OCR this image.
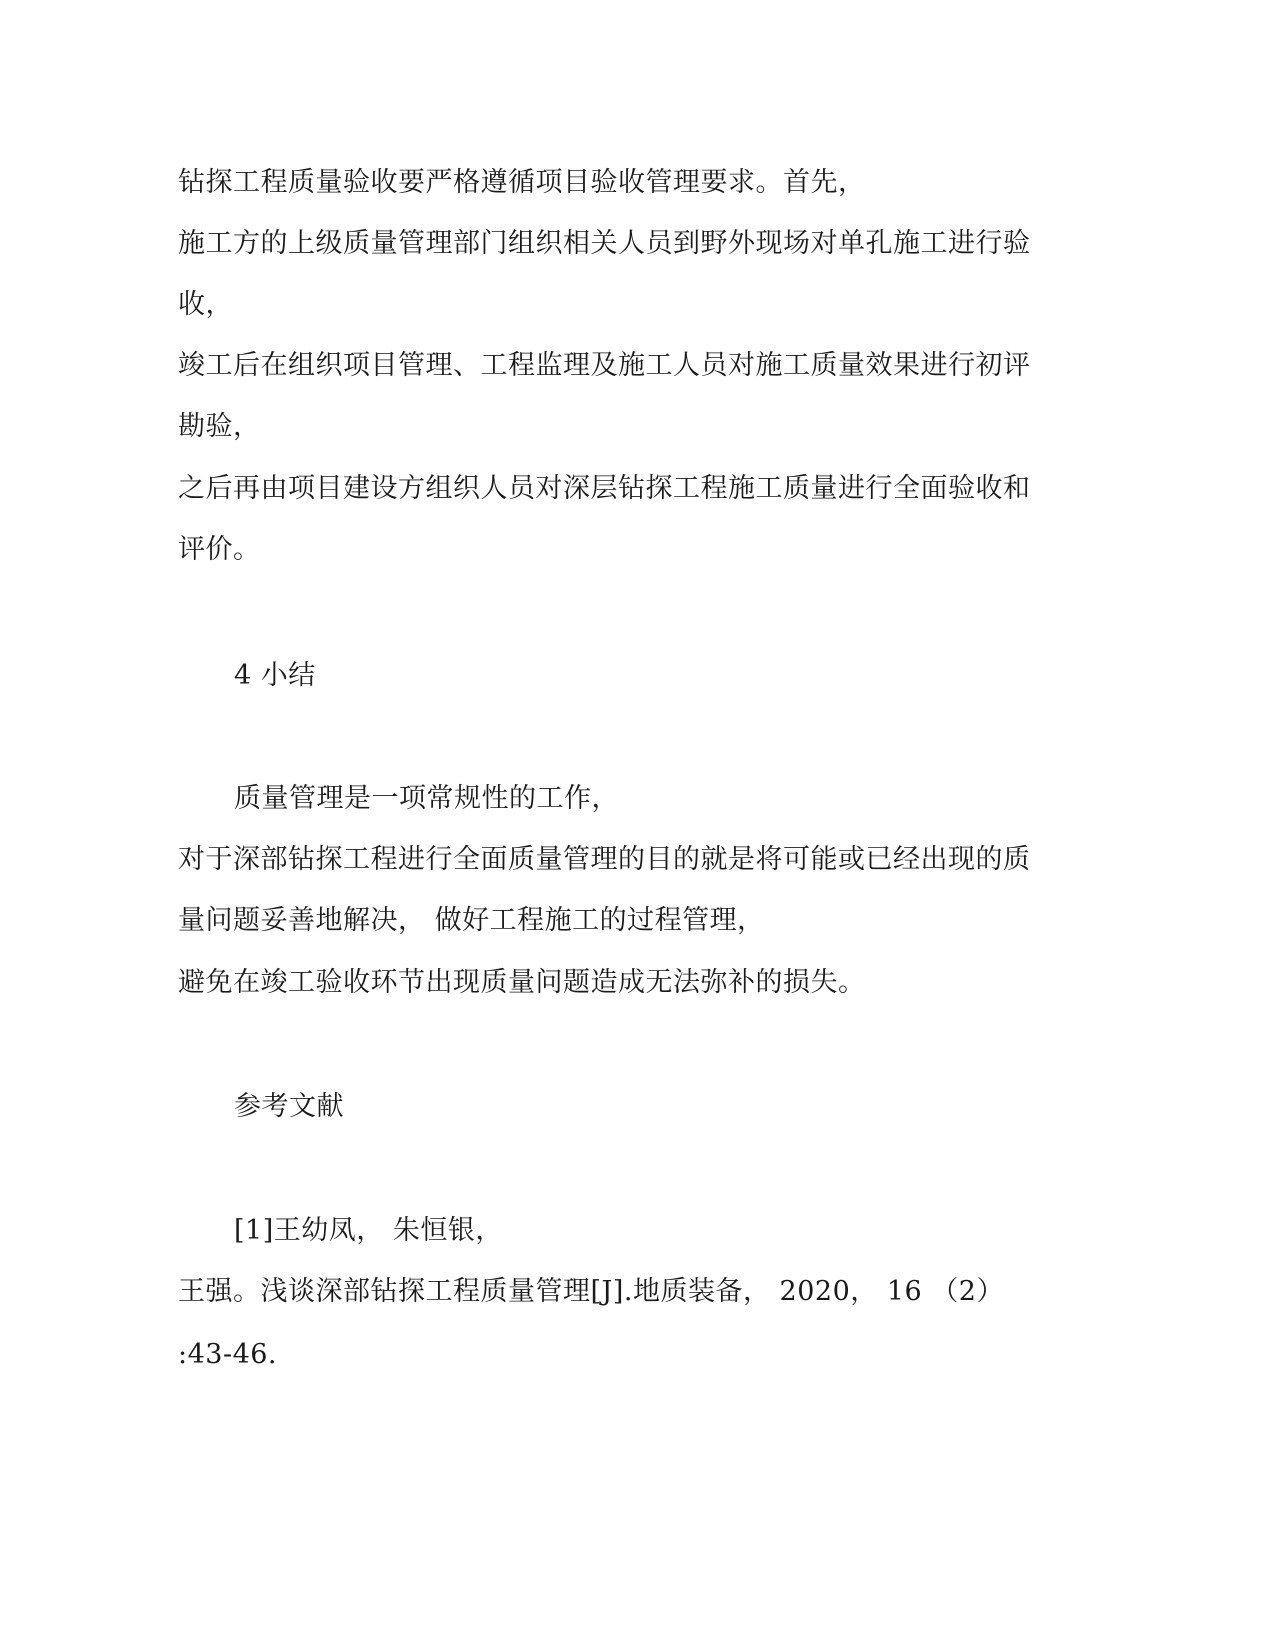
钻探工程质量验收要严格遵循项目验收管理要求。首先，
施工方的上级质量管理部门组织相关人员到野外现场对单孔施工进行验
收，
竣工后在组织项目管理、工程监理及施工人员对施工质量效果进行初评
勘验，
之后再由项目建设方组织人员对深层钻探工程施工质量进行全面验收和
评价。
4 小结
质量管理是一项常规性的工作，
对于深部钻探工程进行全面质量管理的目的就是将可能或已经出现的质
量问题妥善地解决， 做好工程施工的过程管理，
避免在竣工验收环节出现质量问题造成无法弥补的损失。
参考文献
[1]王幼凤， 朱恒银，
王强。浅谈深部钻探工程质量管理[J].地质装备， 2020， 16 （2）
:43-46.
